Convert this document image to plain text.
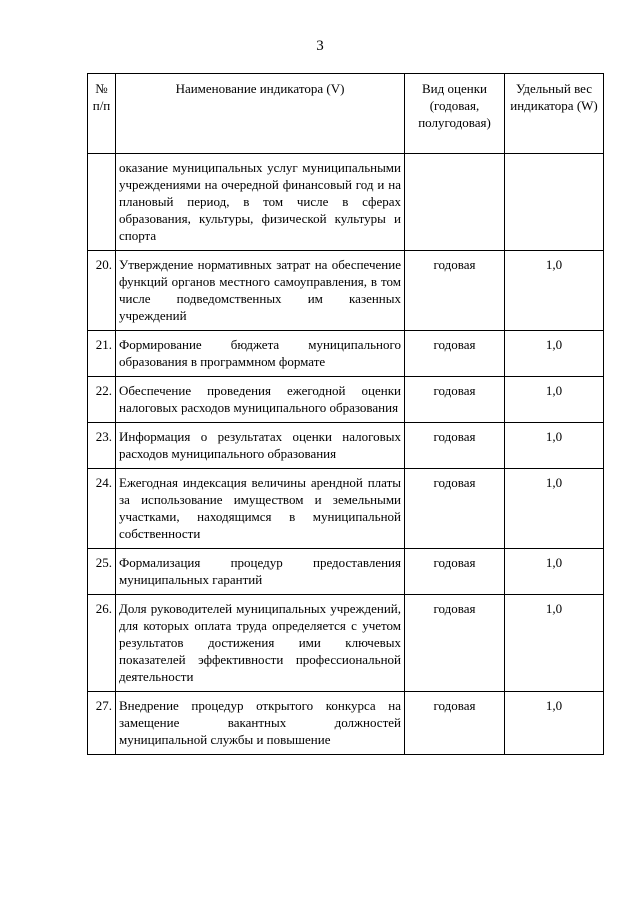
3
№ п/п	Наименование индикатора (V)	Вид оценки (годовая, полугодовая)	Удельный вес индикатора (W)
	оказание муниципальных услуг муниципальными учреждениями на очередной финансовый год и на плановый период, в том числе в сферах образования, культуры, физической культуры и спорта		
20.	Утверждение нормативных затрат на обеспечение функций органов местного самоуправления, в том числе подведомственных им казенных учреждений	годовая	1,0
21.	Формирование бюджета муниципального образования в программном формате	годовая	1,0
22.	Обеспечение проведения ежегодной оценки налоговых расходов муниципального образования	годовая	1,0
23.	Информация о результатах оценки налоговых расходов муниципального образования	годовая	1,0
24.	Ежегодная индексация величины арендной платы за использование имуществом и земельными участками, находящимся в муниципальной собственности	годовая	1,0
25.	Формализация процедур предоставления муниципальных гарантий	годовая	1,0
26.	Доля руководителей муниципальных учреждений, для которых оплата труда определяется с учетом результатов достижения ими ключевых показателей эффективности профессиональной деятельности	годовая	1,0
27.	Внедрение процедур открытого конкурса на замещение вакантных должностей муниципальной службы и повышение	годовая	1,0
